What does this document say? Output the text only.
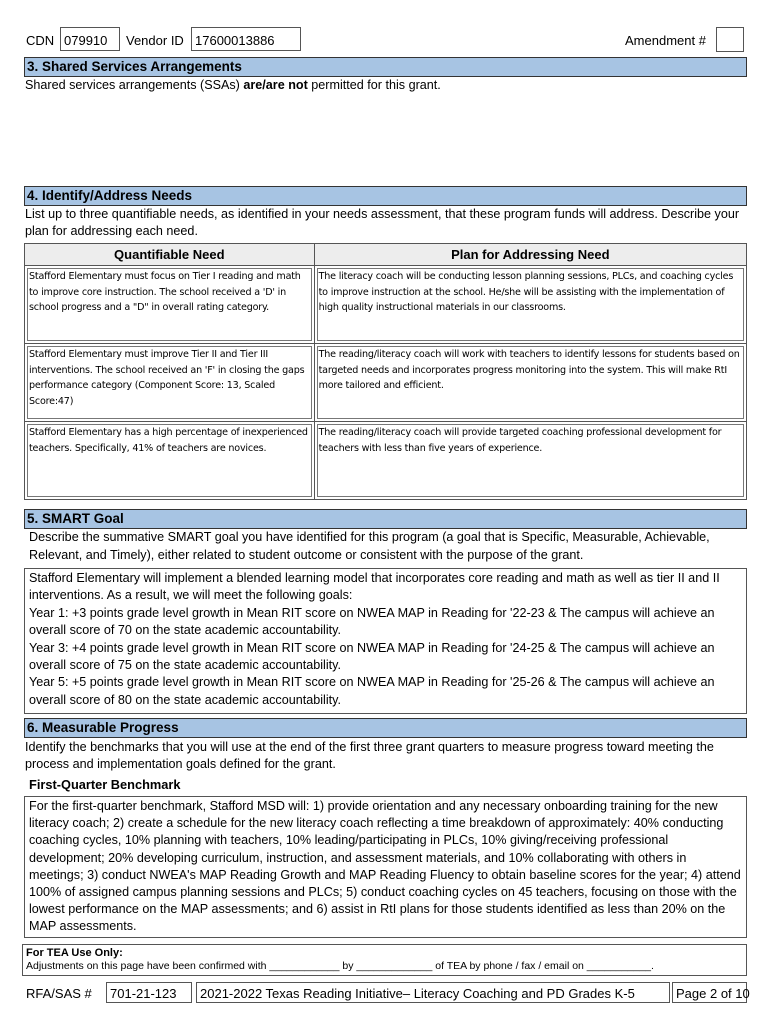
CDN 079910	Vendor ID 17600013886	Amendment #
3. Shared Services Arrangements
Shared services arrangements (SSAs) are/are not permitted for this grant.
4. Identify/Address Needs
List up to three quantifiable needs, as identified in your needs assessment, that these program funds will address. Describe your plan for addressing each need.
Quantifiable Need	Plan for Addressing Need

Stafford Elementary must focus on Tier I reading and math to improve core instruction. The school received a 'D' in school progress and a "D" in overall rating category.	The literacy coach will be conducting lesson planning sessions, PLCs, and coaching cycles to improve instruction at the school. He/she will be assisting with the implementation of high quality instructional materials in our classrooms.

Stafford Elementary must improve Tier II and Tier III interventions. The school received an 'F' in closing the gaps performance category (Component Score: 13, Scaled Score:47)	The reading/literacy coach will work with teachers to identify lessons for students based on targeted needs and incorporates progress monitoring into the system. This will make RtI more tailored and efficient.

Stafford Elementary has a high percentage of inexperienced teachers. Specifically, 41% of teachers are novices.	The reading/literacy coach will provide targeted coaching professional development for teachers with less than five years of experience.
5. SMART Goal
Describe the summative SMART goal you have identified for this program (a goal that is Specific, Measurable, Achievable, Relevant, and Timely), either related to student outcome or consistent with the purpose of the grant.
Stafford Elementary will implement a blended learning model that incorporates core reading and math as well as tier II and II interventions. As a result, we will meet the following goals:
Year 1: +3 points grade level growth in Mean RIT score on NWEA MAP in Reading for '22-23 & The campus will achieve an overall score of 70 on the state academic accountability.
Year 3: +4 points grade level growth in Mean RIT score on NWEA MAP in Reading for '24-25 & The campus will achieve an overall score of 75 on the state academic accountability.
Year 5: +5 points grade level growth in Mean RIT score on NWEA MAP in Reading for '25-26 & The campus will achieve an overall score of 80 on the state academic accountability.
6. Measurable Progress
Identify the benchmarks that you will use at the end of the first three grant quarters to measure progress toward meeting the process and implementation goals defined for the grant.
First-Quarter Benchmark
For the first-quarter benchmark, Stafford MSD will: 1) provide orientation and any necessary onboarding training for the new literacy coach; 2) create a schedule for the new literacy coach reflecting a time breakdown of approximately: 40% conducting coaching cycles, 10% planning with teachers, 10% leading/participating in PLCs, 10% giving/receiving professional development; 20% developing curriculum, instruction, and assessment materials, and 10% collaborating with others in meetings; 3) conduct NWEA's MAP Reading Growth and MAP Reading Fluency to obtain baseline scores for the year; 4) attend 100% of assigned campus planning sessions and PLCs; 5) conduct coaching cycles on 45 teachers, focusing on those with the lowest performance on the MAP assessments; and 6) assist in RtI plans for those students identified as less than 20% on the MAP assessments.
For TEA Use Only:
Adjustments on this page have been confirmed with ____________ by _____________ of TEA by phone / fax / email on ___________.
RFA/SAS #	701-21-123	2021-2022 Texas Reading Initiative– Literacy Coaching and PD Grades K-5	Page 2 of 10
